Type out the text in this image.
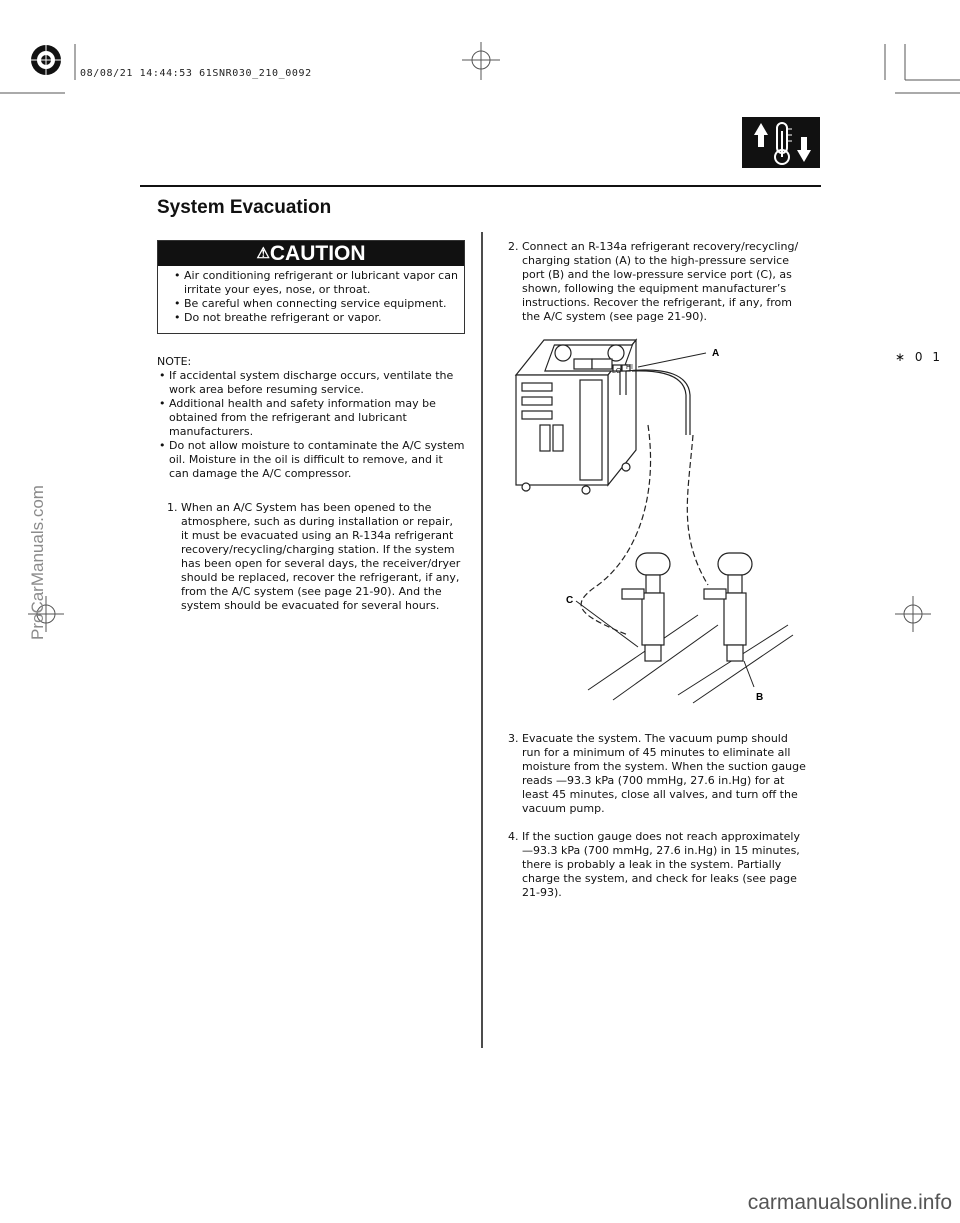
08/08/21 14:44:53 61SNR030_210_0092
∗ 0 1
System Evacuation
⚠CAUTION
• Air conditioning refrigerant or lubricant vapor can irritate your eyes, nose, or throat.
• Be careful when connecting service equipment.
• Do not breathe refrigerant or vapor.
NOTE:
• If accidental system discharge occurs, ventilate the work area before resuming service.
• Additional health and safety information may be obtained from the refrigerant and lubricant manufacturers.
• Do not allow moisture to contaminate the A/C system oil. Moisture in the oil is difficult to remove, and it can damage the A/C compressor.
1. When an A/C System has been opened to the atmosphere, such as during installation or repair, it must be evacuated using an R-134a refrigerant recovery/recycling/charging station. If the system has been open for several days, the receiver/dryer should be replaced, recover the refrigerant, if any, from the A/C system (see page 21-90). And the system should be evacuated for several hours.
2. Connect an R-134a refrigerant recovery/recycling/ charging station (A) to the high-pressure service port (B) and the low-pressure service port (C), as shown, following the equipment manufacturer’s instructions. Recover the refrigerant, if any, from the A/C system (see page 21-90).
LO
HI
A
C
B
3. Evacuate the system. The vacuum pump should run for a minimum of 45 minutes to eliminate all moisture from the system. When the suction gauge reads —93.3 kPa (700 mmHg, 27.6 in.Hg) for at least 45 minutes, close all valves, and turn off the vacuum pump.
4. If the suction gauge does not reach approximately —93.3 kPa (700 mmHg, 27.6 in.Hg) in 15 minutes, there is probably a leak in the system. Partially charge the system, and check for leaks (see page 21-93).
ProCarManuals.com
carmanualsonline.info
